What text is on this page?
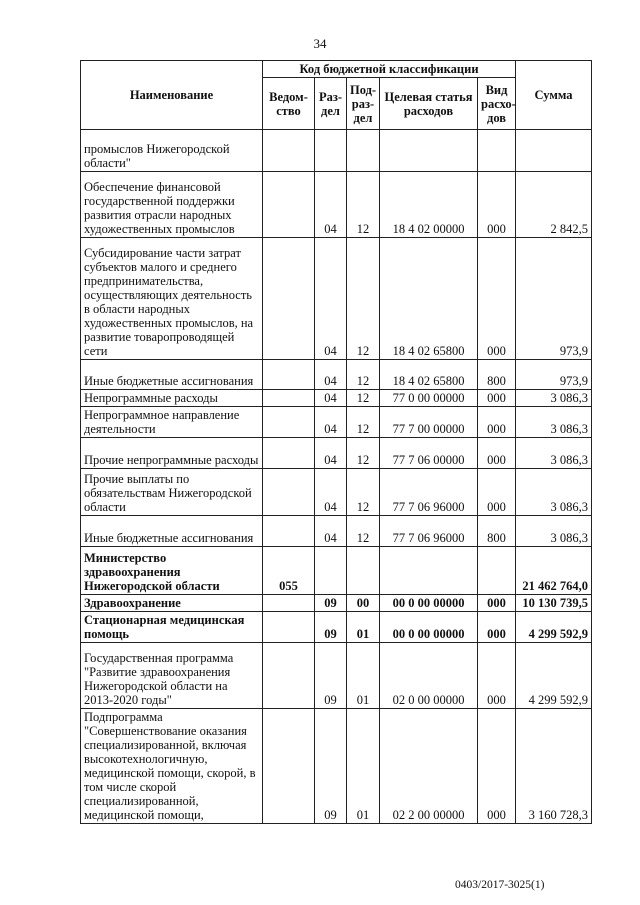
34
Наименование	Код бюджетной классификации					Сумма
	Ведом-ство	Раз-дел	Под-раз-дел	Целевая статья расходов	Вид расхо-дов	
промыслов Нижегородской области"						
Обеспечение финансовой государственной поддержки развития отрасли народных художественных промыслов		04	12	18 4 02 00000	000	2 842,5
Субсидирование части затрат субъектов малого и среднего предпринимательства, осуществляющих деятельность в области народных художественных промыслов, на развитие товаропроводящей сети		04	12	18 4 02 65800	000	973,9
Иные бюджетные ассигнования		04	12	18 4 02 65800	800	973,9
Непрограммные расходы		04	12	77 0 00 00000	000	3 086,3
Непрограммное направление деятельности		04	12	77 7 00 00000	000	3 086,3
Прочие непрограммные расходы		04	12	77 7 06 00000	000	3 086,3
Прочие выплаты по обязательствам Нижегородской области		04	12	77 7 06 96000	000	3 086,3
Иные бюджетные ассигнования		04	12	77 7 06 96000	800	3 086,3
Министерство здравоохранения Нижегородской области	055					21 462 764,0
Здравоохранение		09	00	00 0 00 00000	000	10 130 739,5
Стационарная медицинская помощь		09	01	00 0 00 00000	000	4 299 592,9
Государственная программа "Развитие здравоохранения Нижегородской области на 2013-2020 годы"		09	01	02 0 00 00000	000	4 299 592,9
Подпрограмма "Совершенствование оказания специализированной, включая высокотехнологичную, медицинской помощи, скорой, в том числе скорой специализированной, медицинской помощи,		09	01	02 2 00 00000	000	3 160 728,3
0403/2017-3025(1)
